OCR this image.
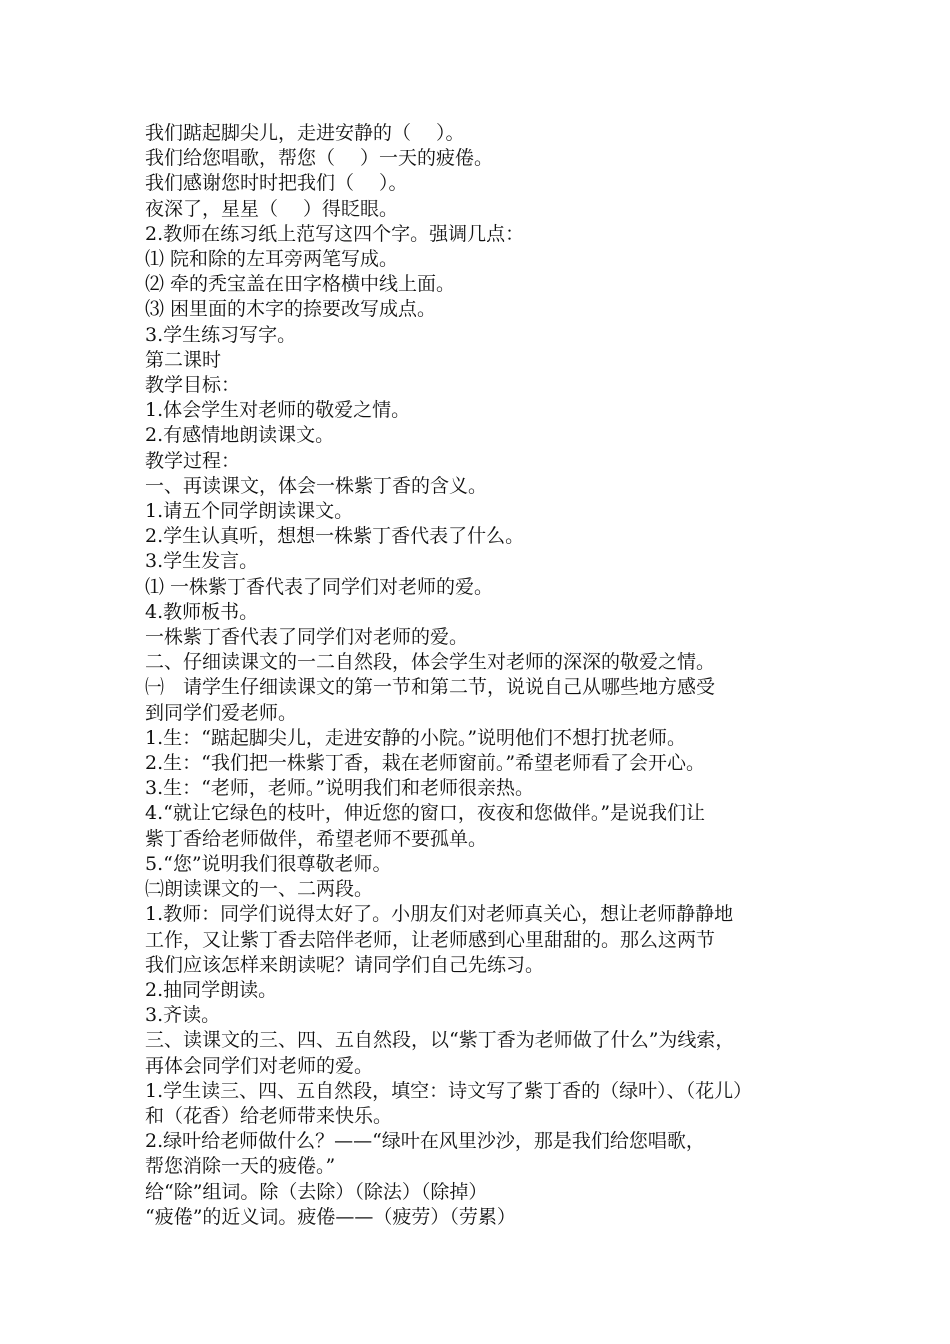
我们踮起脚尖儿，走进安静的（　 ）。

我们给您唱歌，帮您（　 ）一天的疲倦。

我们感谢您时时把我们（　 ）。

夜深了，星星（　 ）得眨眼。

2.教师在练习纸上范写这四个字。强调几点：

⑴ 院和除的左耳旁两笔写成。

⑵ 牵的秃宝盖在田字格横中线上面。

⑶ 困里面的木字的捺要改写成点。

3.学生练习写字。

第二课时

教学目标：

1.体会学生对老师的敬爱之情。

2.有感情地朗读课文。

教学过程：

一、再读课文，体会一株紫丁香的含义。

1.请五个同学朗读课文。

2.学生认真听，想想一株紫丁香代表了什么。

3.学生发言。

⑴ 一株紫丁香代表了同学们对老师的爱。

4.教师板书。

一株紫丁香代表了同学们对老师的爱。

二、仔细读课文的一二自然段，体会学生对老师的深深的敬爱之情。

㈠　请学生仔细读课文的第一节和第二节，说说自己从哪些地方感受

到同学们爱老师。

1.生：“踮起脚尖儿，走进安静的小院。”说明他们不想打扰老师。

2.生：“我们把一株紫丁香，栽在老师窗前。”希望老师看了会开心。

3.生：“老师，老师。”说明我们和老师很亲热。

4.“就让它绿色的枝叶，伸近您的窗口，夜夜和您做伴。”是说我们让

紫丁香给老师做伴，希望老师不要孤单。

5.“您”说明我们很尊敬老师。

㈡朗读课文的一、二两段。

1.教师：同学们说得太好了。小朋友们对老师真关心，想让老师静静地

工作，又让紫丁香去陪伴老师，让老师感到心里甜甜的。那么这两节

我们应该怎样来朗读呢？请同学们自己先练习。

2.抽同学朗读。

3.齐读。

三、读课文的三、四、五自然段，以“紫丁香为老师做了什么”为线索，

再体会同学们对老师的爱。

1.学生读三、四、五自然段，填空：诗文写了紫丁香的（绿叶）、（花儿）

和（花香）给老师带来快乐。

2.绿叶给老师做什么？——“绿叶在风里沙沙，那是我们给您唱歌，

帮您消除一天的疲倦。”

给“除”组词。除（去除）（除法）（除掉）

“疲倦”的近义词。疲倦——（疲劳）（劳累）
